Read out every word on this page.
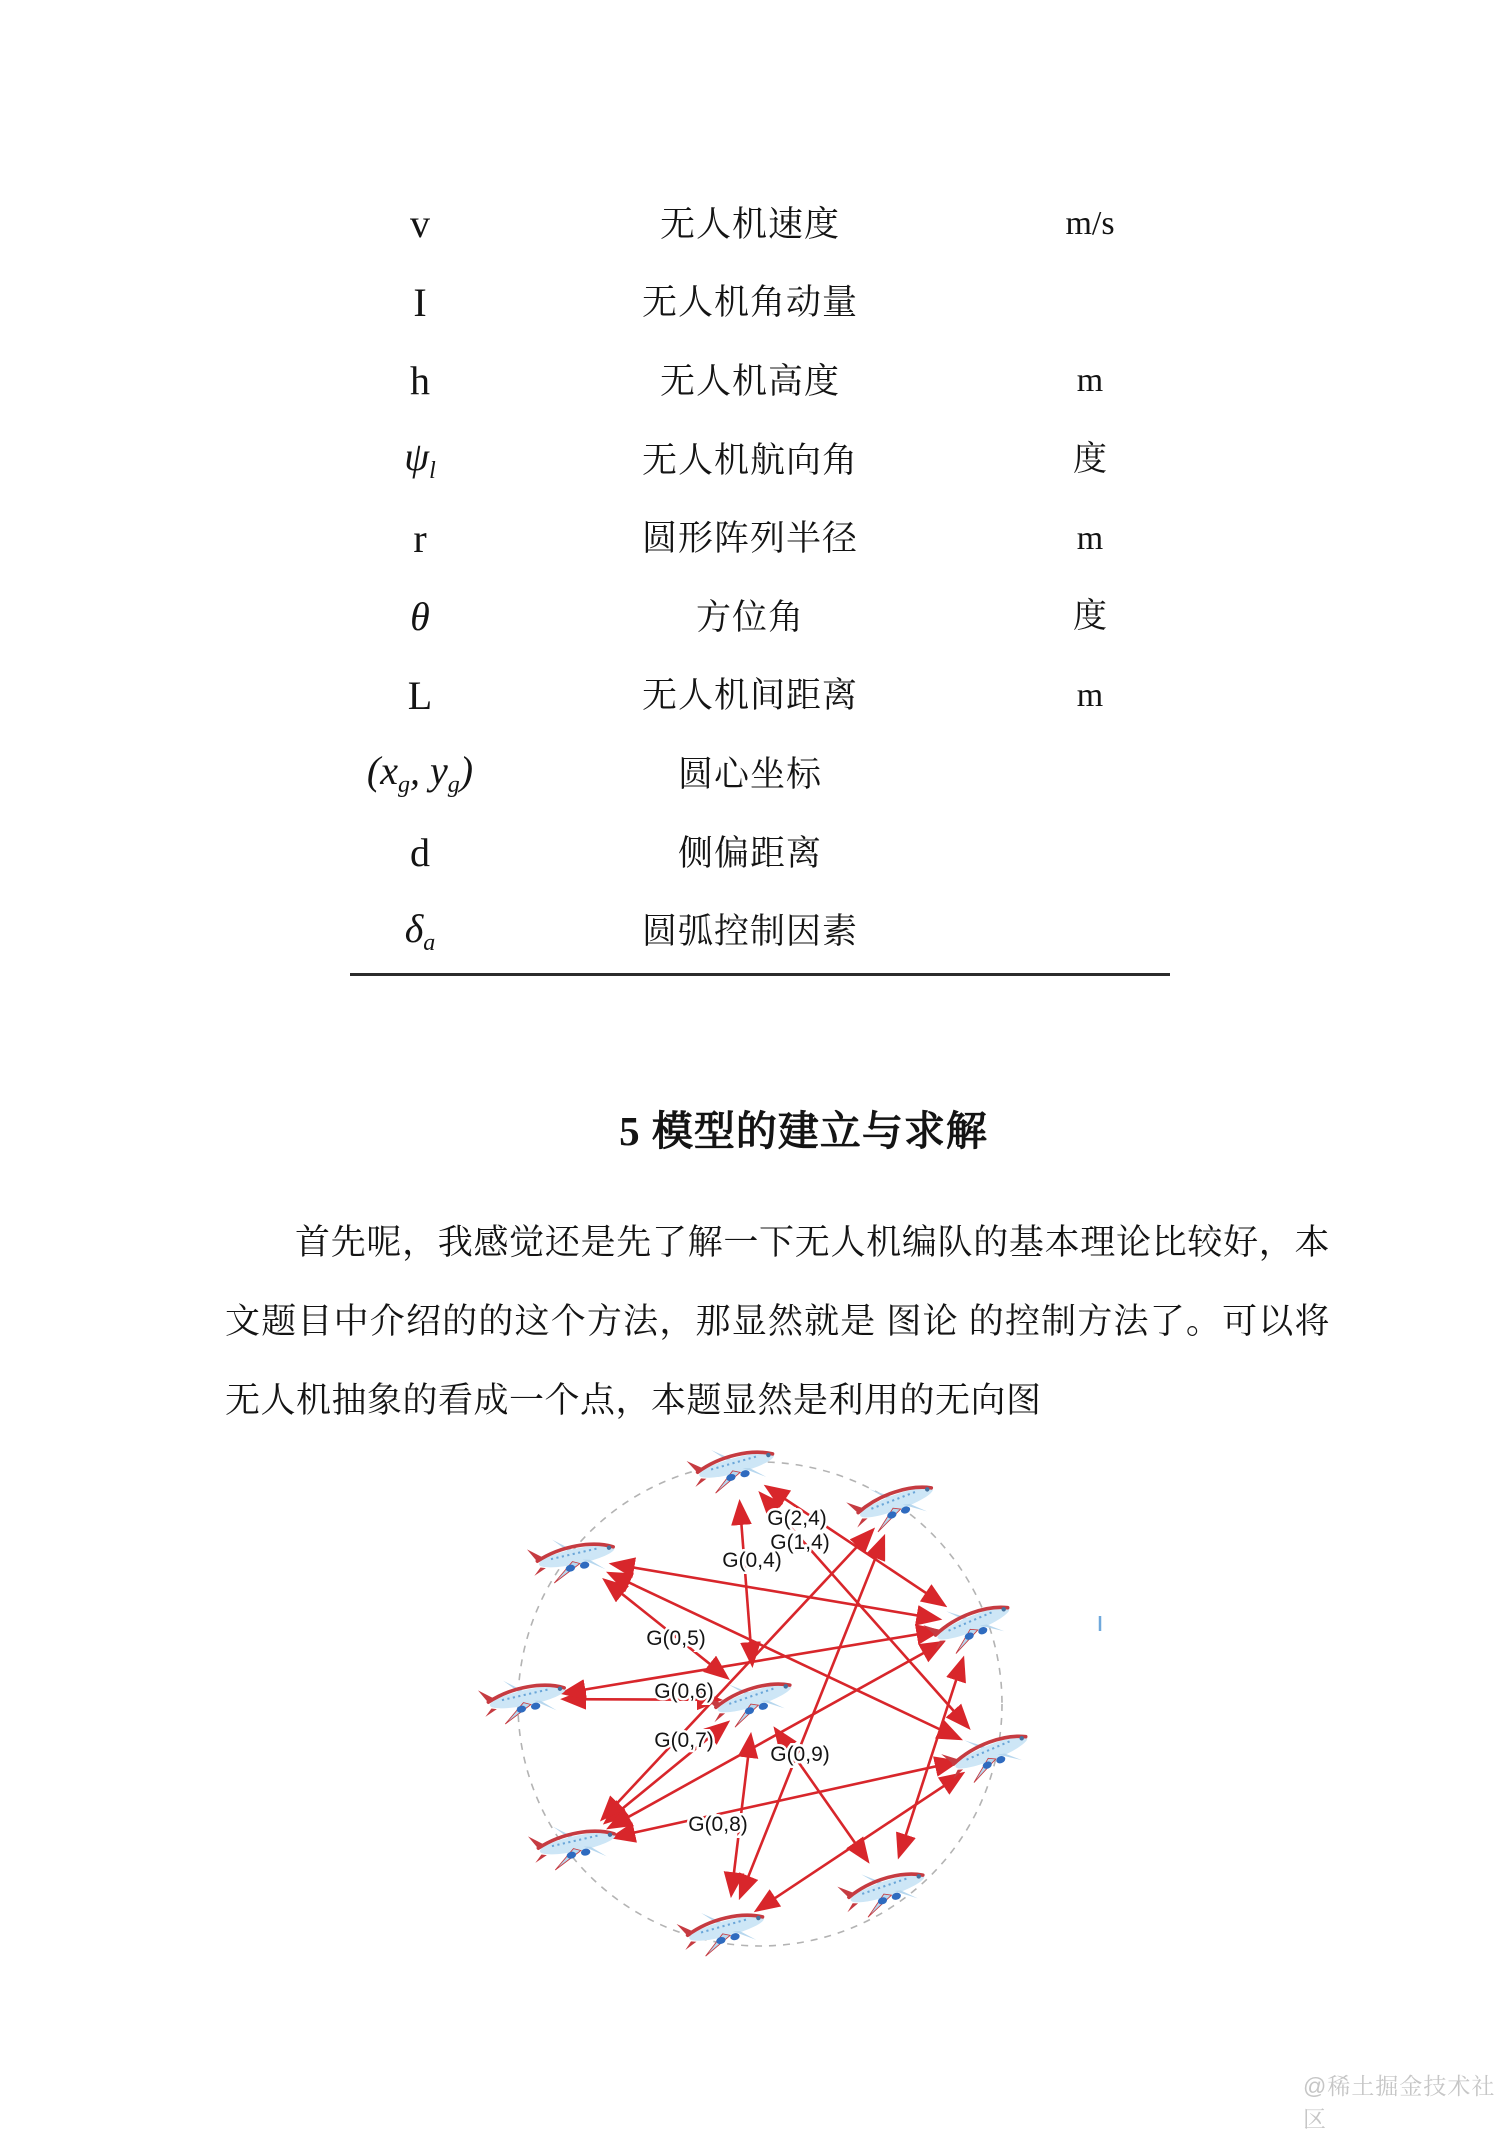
v	无人机速度	m/s
I	无人机角动量
h	无人机高度	m
$\psi_l$	无人机航向角	度
r	圆形阵列半径	m
θ	方位角	度
L	无人机间距离	m
($x_g$, $y_g$)	圆心坐标
d	侧偏距离
$\delta_a$	圆弧控制因素
5 模型的建立与求解

首先呢，我感觉还是先了解一下无人机编队的基本理论比较好，本文题目中介绍的的这个方法，那显然就是 图论 的控制方法了。可以将无人机抽象的看成一个点，本题显然是利用的无向图

G(2,4)
G(1,4)
G(0,4)
G(0,5)
G(0,6)
G(0,7)
G(0,9)
G(0,8)
@稀土掘金技术社区
